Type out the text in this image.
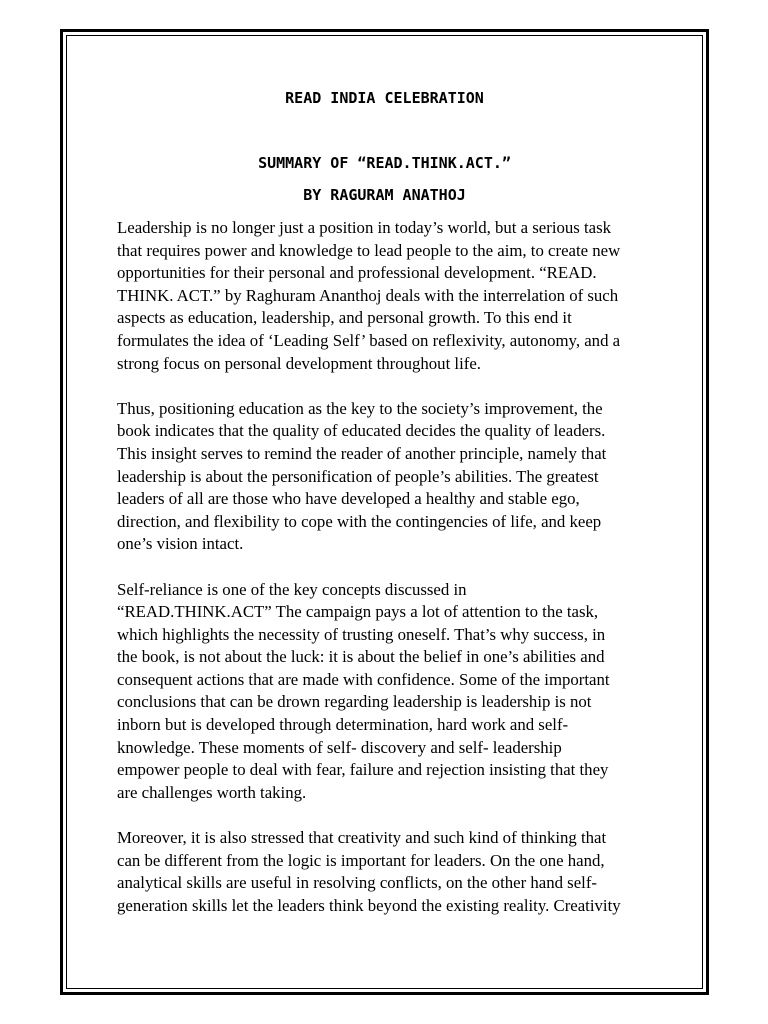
READ INDIA CELEBRATION
SUMMARY OF “READ.THINK.ACT.”
BY RAGURAM ANATHOJ

Leadership is no longer just a position in today’s world, but a serious task
that requires power and knowledge to lead people to the aim, to create new
opportunities for their personal and professional development. “READ.
THINK. ACT.” by Raghuram Ananthoj deals with the interrelation of such
aspects as education, leadership, and personal growth. To this end it
formulates the idea of ‘Leading Self’ based on reflexivity, autonomy, and a
strong focus on personal development throughout life.

Thus, positioning education as the key to the society’s improvement, the
book indicates that the quality of educated decides the quality of leaders.
This insight serves to remind the reader of another principle, namely that
leadership is about the personification of people’s abilities. The greatest
leaders of all are those who have developed a healthy and stable ego,
direction, and flexibility to cope with the contingencies of life, and keep
one’s vision intact.

Self-reliance is one of the key concepts discussed in
“READ.THINK.ACT” The campaign pays a lot of attention to the task,
which highlights the necessity of trusting oneself. That’s why success, in
the book, is not about the luck: it is about the belief in one’s abilities and
consequent actions that are made with confidence. Some of the important
conclusions that can be drown regarding leadership is leadership is not
inborn but is developed through determination, hard work and self-
knowledge. These moments of self- discovery and self- leadership
empower people to deal with fear, failure and rejection insisting that they
are challenges worth taking.

Moreover, it is also stressed that creativity and such kind of thinking that
can be different from the logic is important for leaders. On the one hand,
analytical skills are useful in resolving conflicts, on the other hand self-
generation skills let the leaders think beyond the existing reality. Creativity
